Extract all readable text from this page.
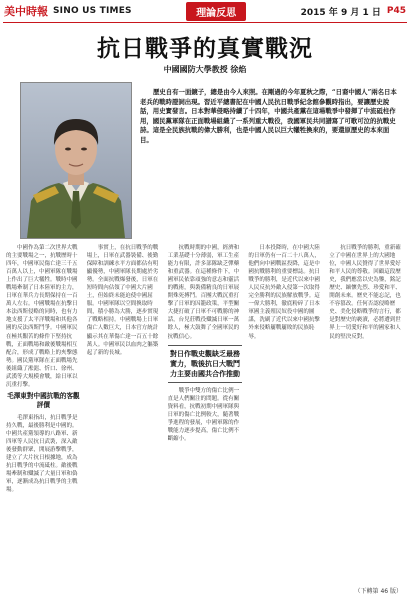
美中時報 SINO US TIMES	理論反思	2015 年 9 月 1 日 P45
抗日戰爭的真實戰況
中國國防大學教授 徐焰

歷史自有一面鏡子，總是由今人來照。在剛過的今年夏秋之際，“日裔中國人”兩名日本老兵的戰時證詞出現。習近平總書記在中國人民抗日戰爭紀念館參觀時指出，要讓歷史說話，用史實發言。日本對華侵略持續了十四年，中國共產黨在這場戰爭中發揮了中流砥柱作用，國民黨軍隊在正面戰場組織了一系列重大戰役，我國軍民共同譜寫了可歌可泣的抗戰史詩。這是全民族抗戰的偉大勝利，也是中國人民以巨大犧牲換來的，要還原歷史的本來面目。

中國作為第二次世界大戰的主要戰場之一，抗戰歷時十四年，中國軍民傷亡達三千五百萬人以上，中國軍隊在戰場上作出了巨大犧牲。戰時中國戰場牽制了日本陸軍的主力，日軍在華兵力長期保持在一百萬人左右。中國戰場在抗擊日本法西斯侵略的同時，也有力地支援了太平洋戰場和其他各國的反法西斯鬥爭。中國軍民在極其艱苦的條件下堅持抗戰，正面戰場和敵後戰場相互配合，形成了戰略上的夾擊態勢。國民黨軍隊在正面戰場先後組織了淞滬、忻口、徐州、武漢等大規模會戰，給日軍以沉重打擊。

毛澤東對中國抗戰的客觀評價

毛澤東指出，抗日戰爭是持久戰，最後勝利是中國的。中國共產黨領導的八路軍、新四軍等人民抗日武裝，深入敵後發動群眾，開展游擊戰爭，建立了大片抗日根據地，成為抗日戰爭的中流砥柱。敵後戰場牽制和殲滅了大量日軍和偽軍，逐漸成為抗日戰爭的主戰場。

事實上，在抗日戰爭的戰場上，日軍在武器裝備、後勤保障和訓練水平方面都佔有明顯優勢，中國軍隊長期處於劣勢。全面抗戰爆發後，日軍在短時間內佔領了中國大片國土，但始終未能迫使中國屈服。中國軍隊以空間換取時間，積小勝為大勝，逐步實現了戰略相持。中國戰場上日軍傷亡人數巨大，日本官方統計顯示其在華傷亡達一百五十餘萬人。中國軍民以血肉之軀築起了新的長城。

抗戰時期的中國，經濟和工業基礎十分薄弱，軍工生產能力有限，許多部隊缺乏彈藥和重武器。在這種條件下，中國軍民依靠頑強的意志和靈活的戰術，與裝備精良的日軍展開殊死搏鬥。百團大戰沉重打擊了日軍的囚籠政策，平型關大捷打破了日軍不可戰勝的神話，台兒莊戰役殲滅日軍一萬餘人，極大鼓舞了全國軍民的抗戰信心。

對日作戰史觀缺乏最務實力，戰後抗日大戰鬥力主要由國共合作推動

戰爭中雙方的傷亡比例一直是人們關注的問題。從有關資料看，抗戰初期中國軍隊與日軍的傷亡比例較大，隨著戰爭進程的發展，中國軍隊的作戰能力逐步提高，傷亡比例不斷縮小。

日本投降時，在中國大陸的日軍仍有一百二十八萬人，他們向中國戰區投降，這是中國抗戰勝利的重要標誌。抗日戰爭的勝利，是近代以來中國人民反抗外敵入侵第一次取得完全勝利的民族解放戰爭。這一偉大勝利，徹底粉碎了日本軍國主義殖民奴役中國的圖謀，洗刷了近代以來中國抗擊外來侵略屢戰屢敗的民族恥辱。

抗日戰爭的勝利，重新確立了中國在世界上的大國地位，中國人民贊得了世界愛好和平人民的尊敬。回顧這段歷史，我們應當以史為鑒，銘記歷史、緬懷先烈、珍愛和平、開創未來。歷史不能忘記，也不容篡改。任何否認侵略歷史、美化侵略戰爭的言行，都是對歷史的褻瀆，必將遭到世界上一切愛好和平的國家和人民的堅決反對。

（下轉第 46 版）
